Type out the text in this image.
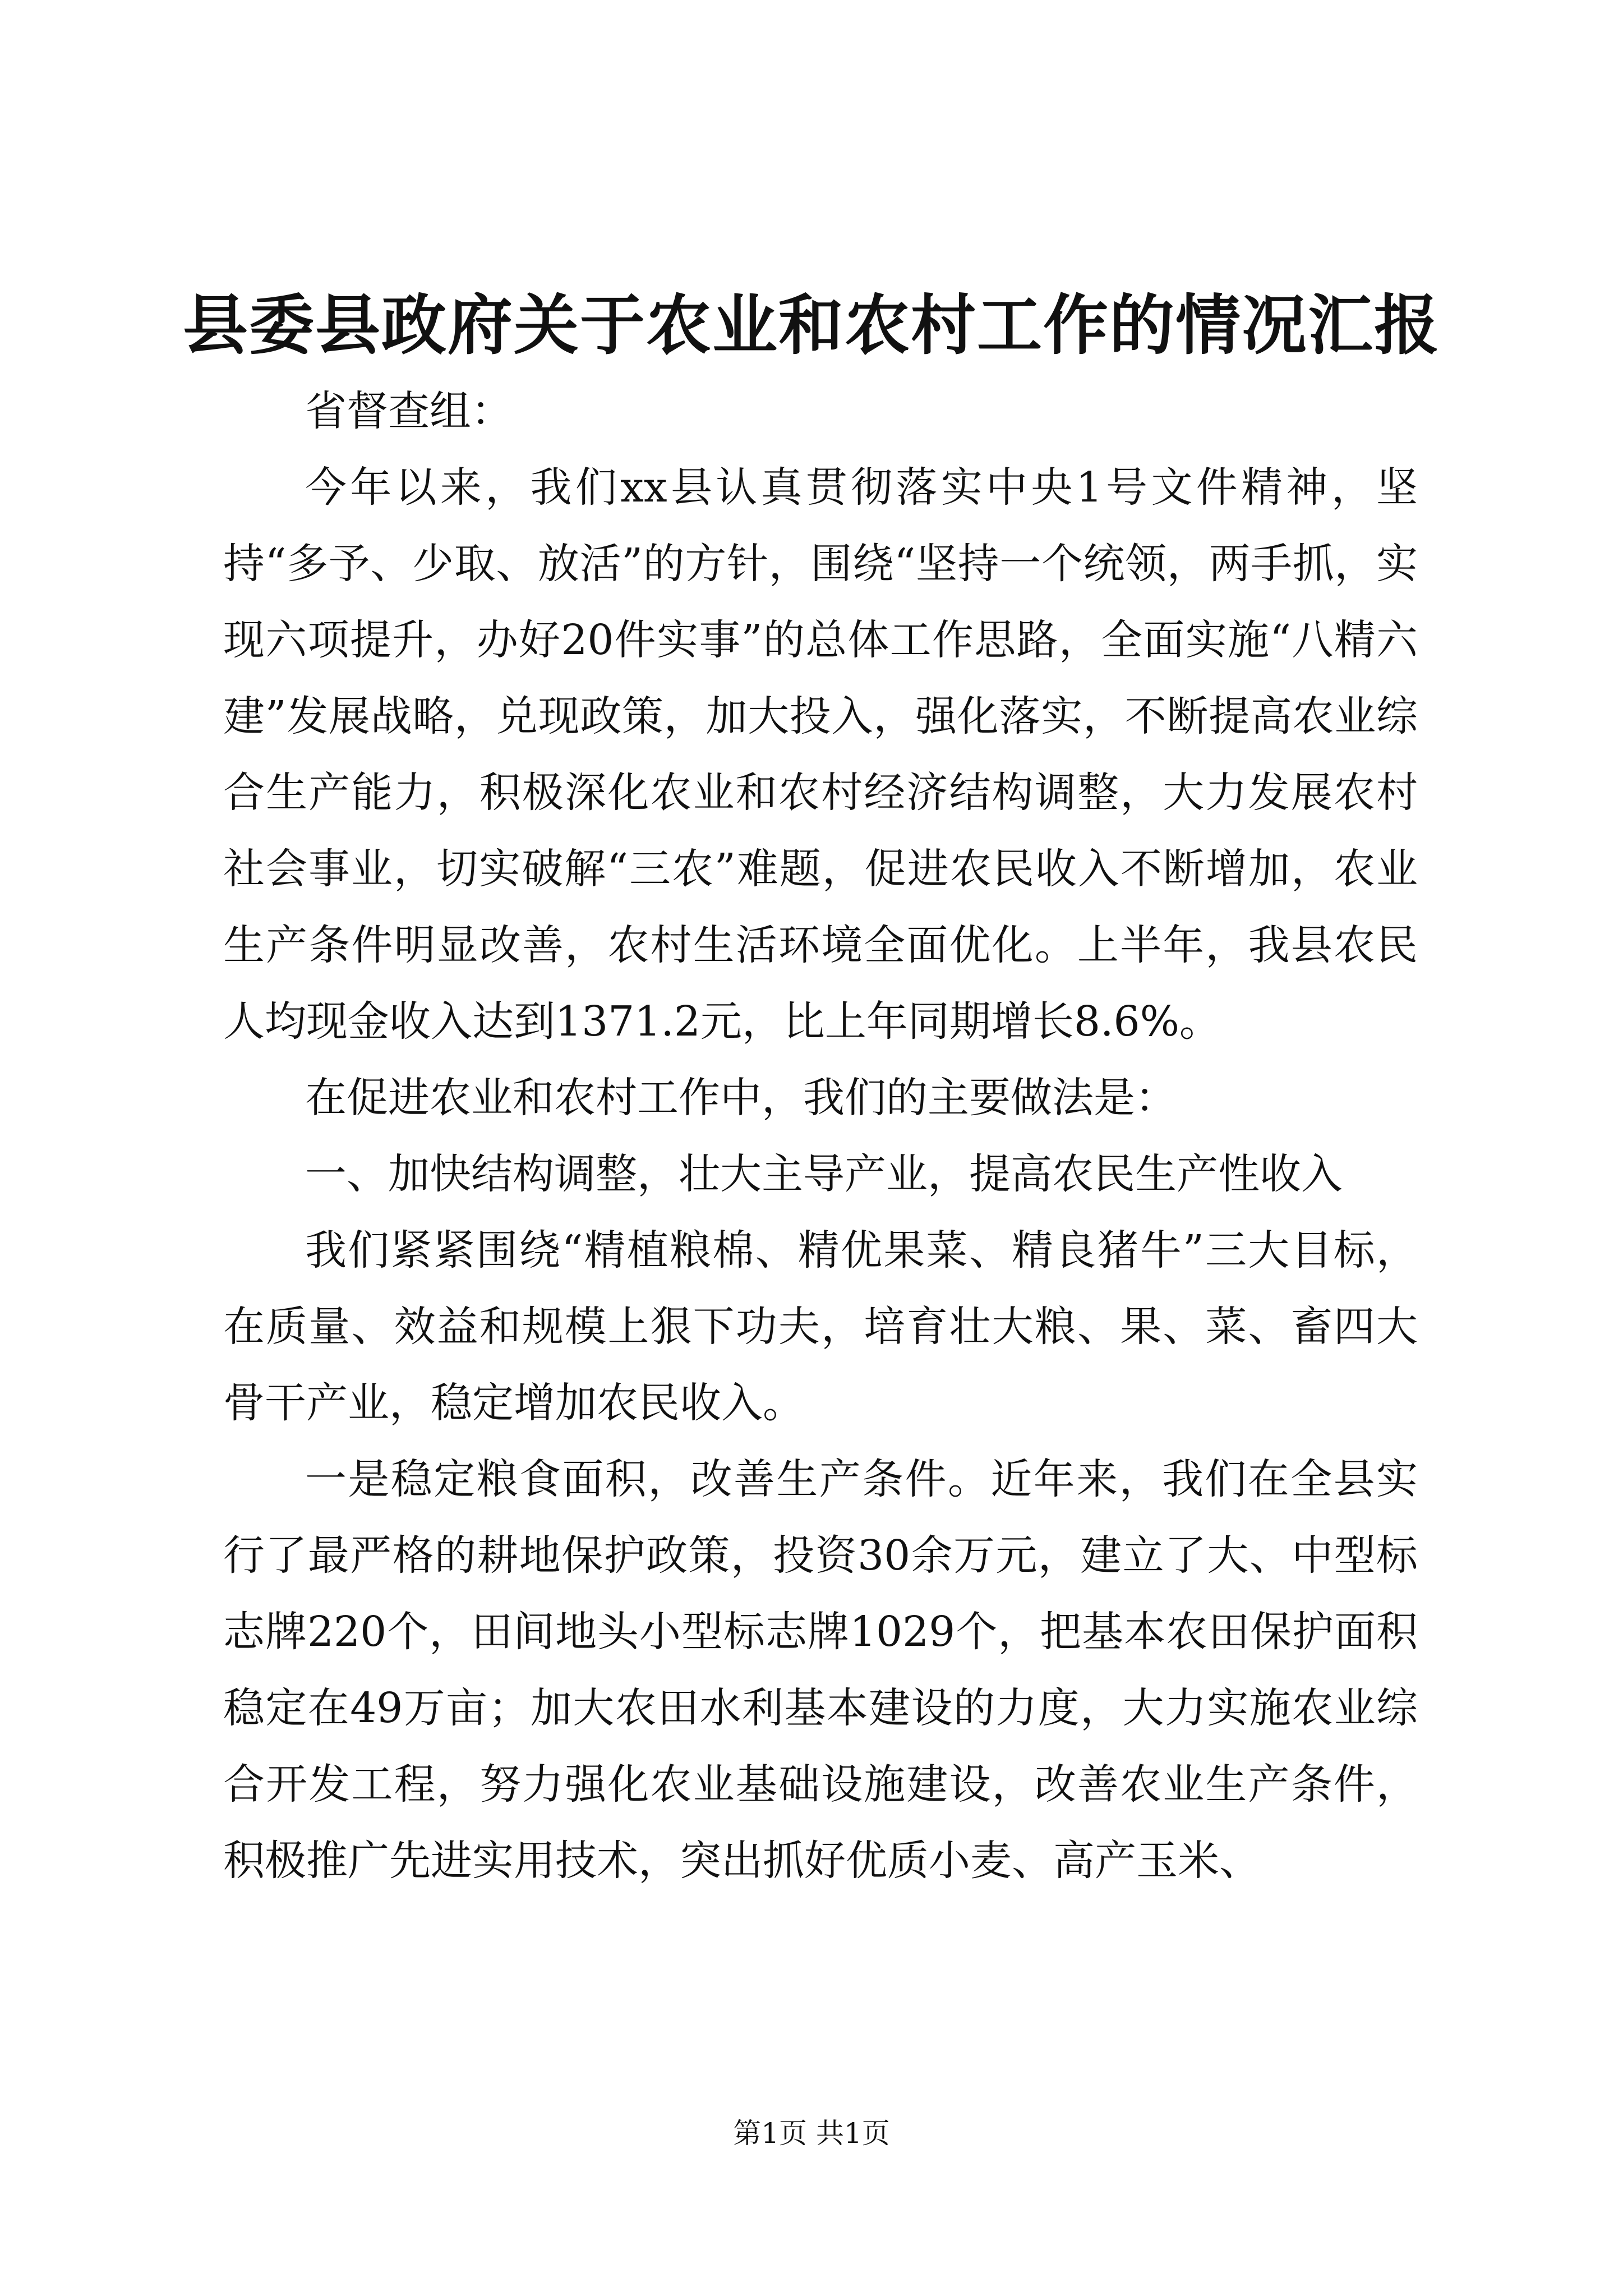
县委县政府关于农业和农村工作的情况汇报

省督查组：

今年以来，我们xx县认真贯彻落实中央1号文件精神，坚持“多予、少取、放活”的方针，围绕“坚持一个统领，两手抓，实现六项提升，办好20件实事”的总体工作思路，全面实施“八精六建”发展战略，兑现政策，加大投入，强化落实，不断提高农业综合生产能力，积极深化农业和农村经济结构调整，大力发展农村社会事业，切实破解“三农”难题，促进农民收入不断增加，农业生产条件明显改善，农村生活环境全面优化。上半年，我县农民人均现金收入达到1371.2元，比上年同期增长8.6%。

在促进农业和农村工作中，我们的主要做法是：

一、加快结构调整，壮大主导产业，提高农民生产性收入

我们紧紧围绕“精植粮棉、精优果菜、精良猪牛”三大目标，在质量、效益和规模上狠下功夫，培育壮大粮、果、菜、畜四大骨干产业，稳定增加农民收入。

一是稳定粮食面积，改善生产条件。近年来，我们在全县实行了最严格的耕地保护政策，投资30余万元，建立了大、中型标志牌220个，田间地头小型标志牌1029个，把基本农田保护面积稳定在49万亩；加大农田水利基本建设的力度，大力实施农业综合开发工程，努力强化农业基础设施建设，改善农业生产条件，积极推广先进实用技术，突出抓好优质小麦、高产玉米、

第1页 共1页
